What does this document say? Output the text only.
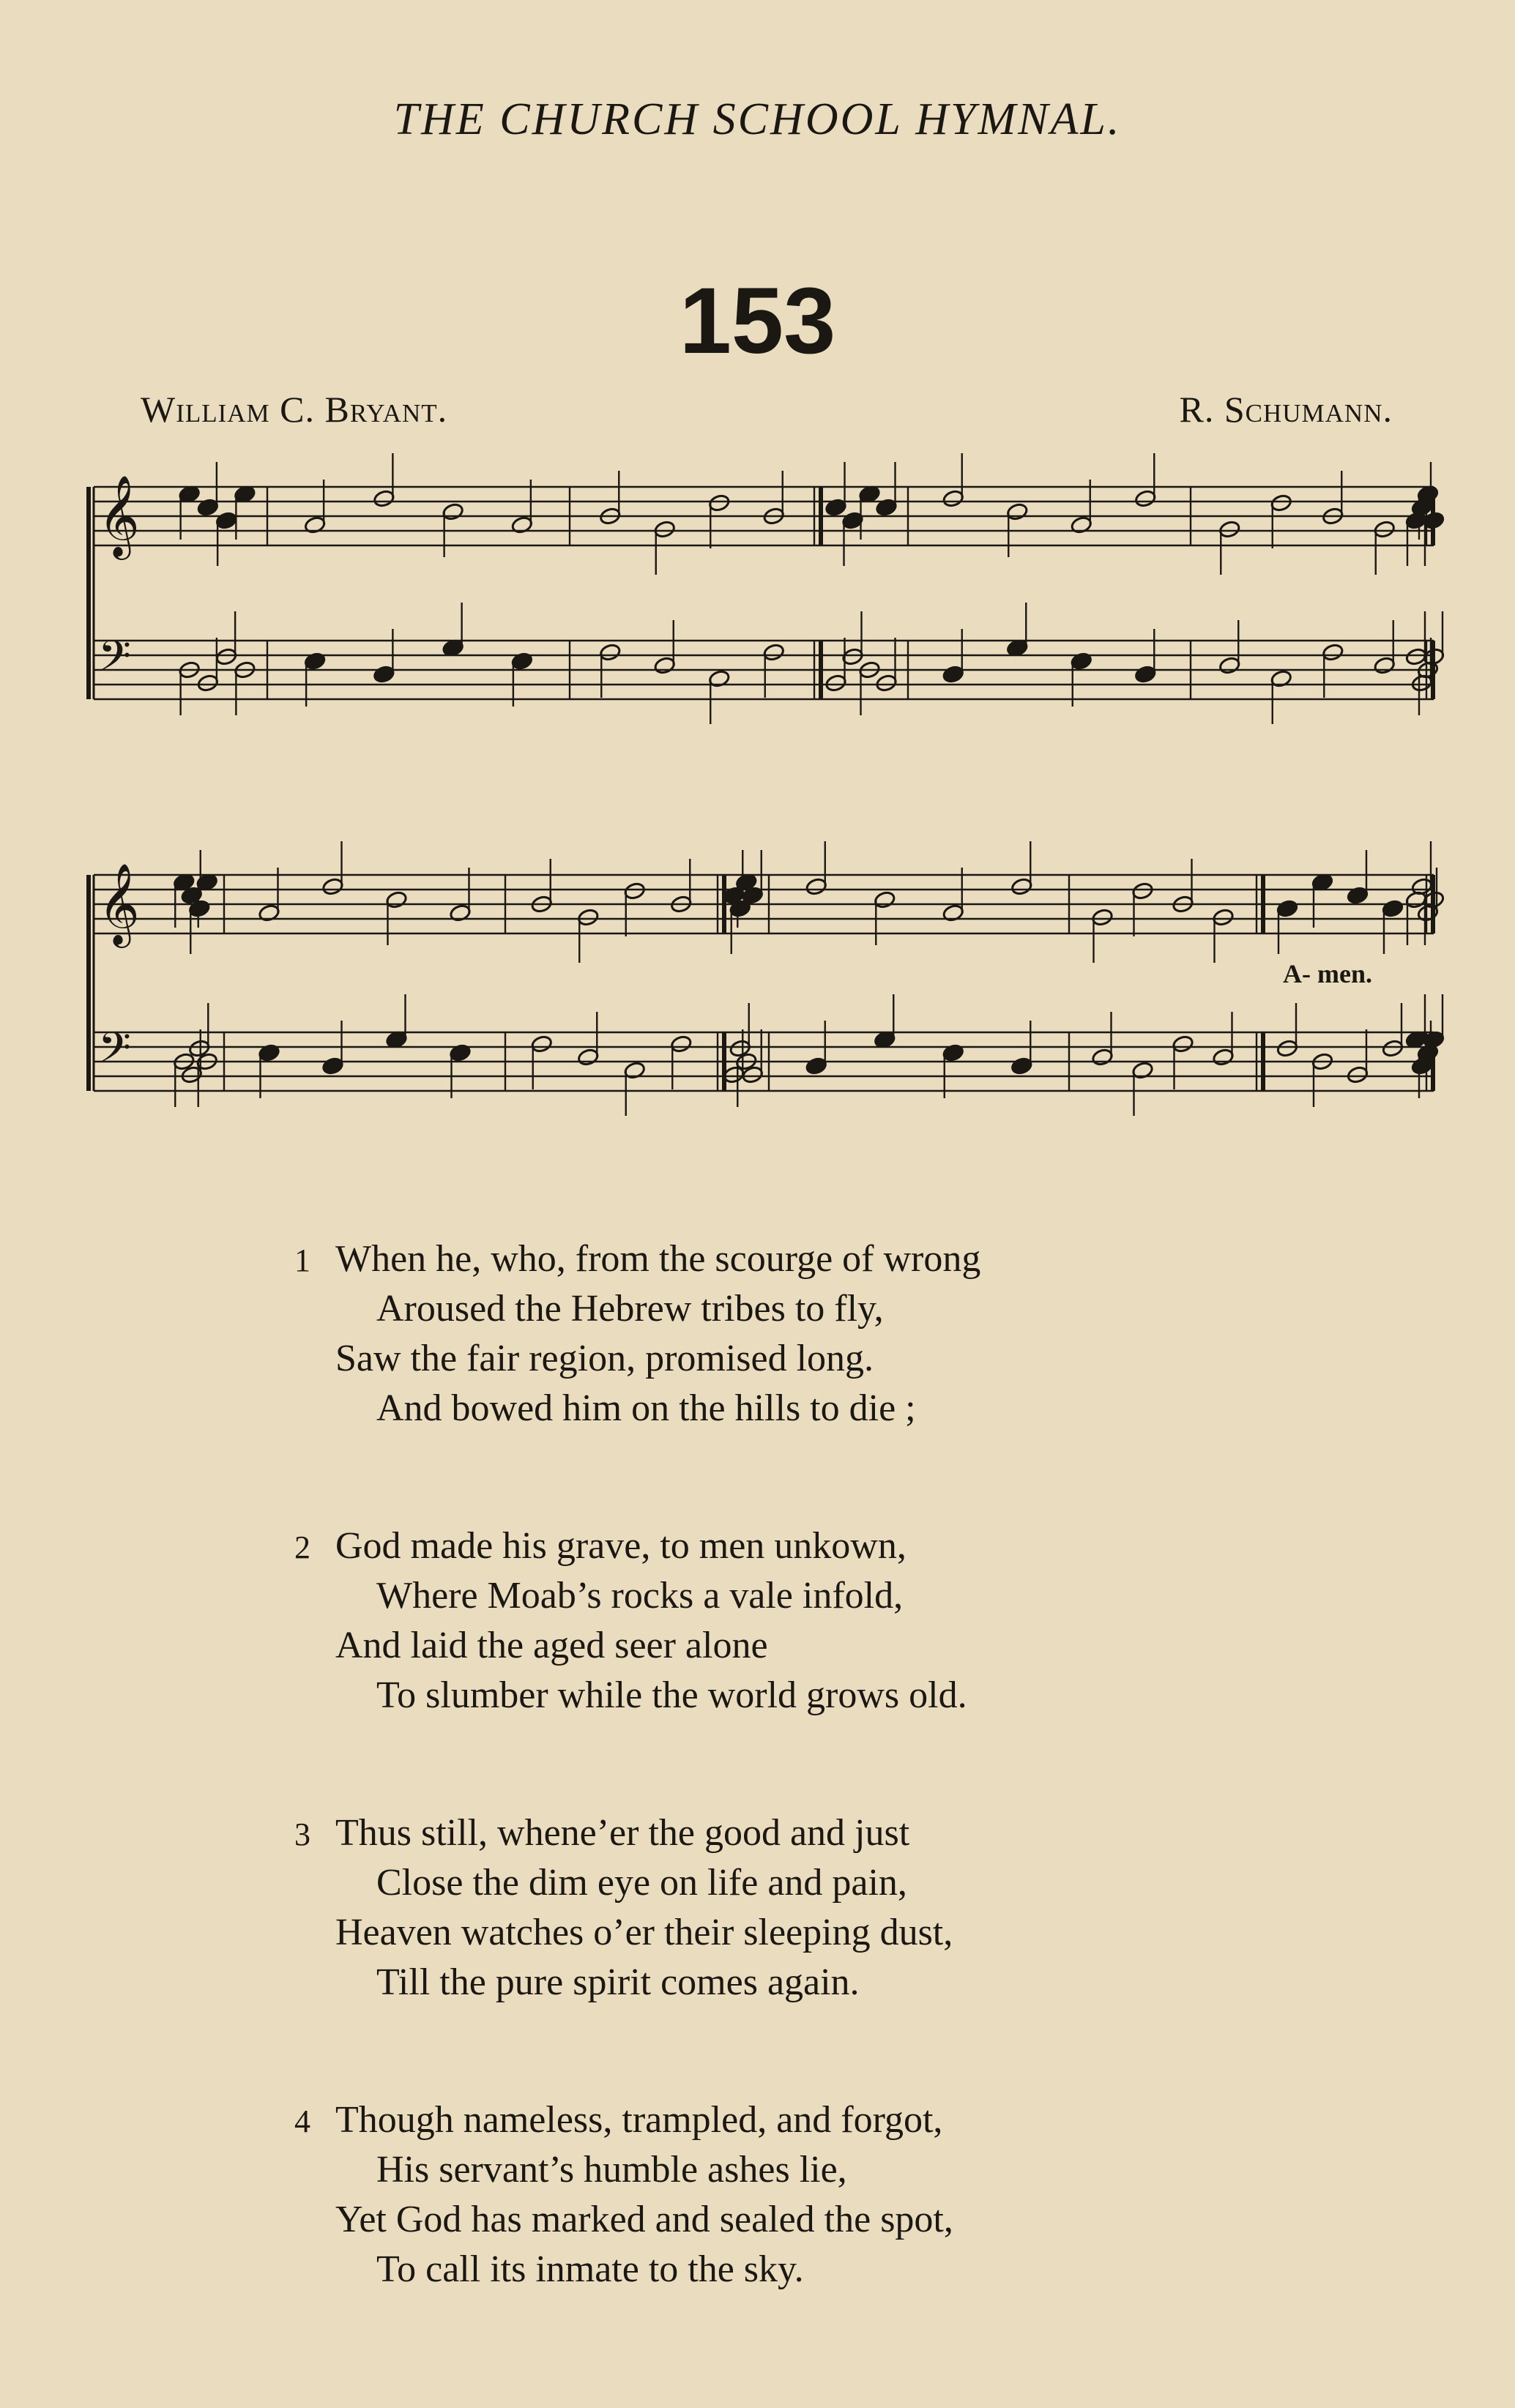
THE CHURCH SCHOOL HYMNAL.
153
William C. Bryant.	R. Schumann.
𝄞
𝄢
𝄞
𝄢
A- men.
1 When he, who, from the scourge of wrong
Aroused the Hebrew tribes to fly,
Saw the fair region, promised long.
And bowed him on the hills to die ;
2 God made his grave, to men unkown,
Where Moab’s rocks a vale infold,
And laid the aged seer alone
To slumber while the world grows old.
3 Thus still, whene’er the good and just
Close the dim eye on life and pain,
Heaven watches o’er their sleeping dust,
Till the pure spirit comes again.
4 Though nameless, trampled, and forgot,
His servant’s humble ashes lie,
Yet God has marked and sealed the spot,
To call its inmate to the sky.
